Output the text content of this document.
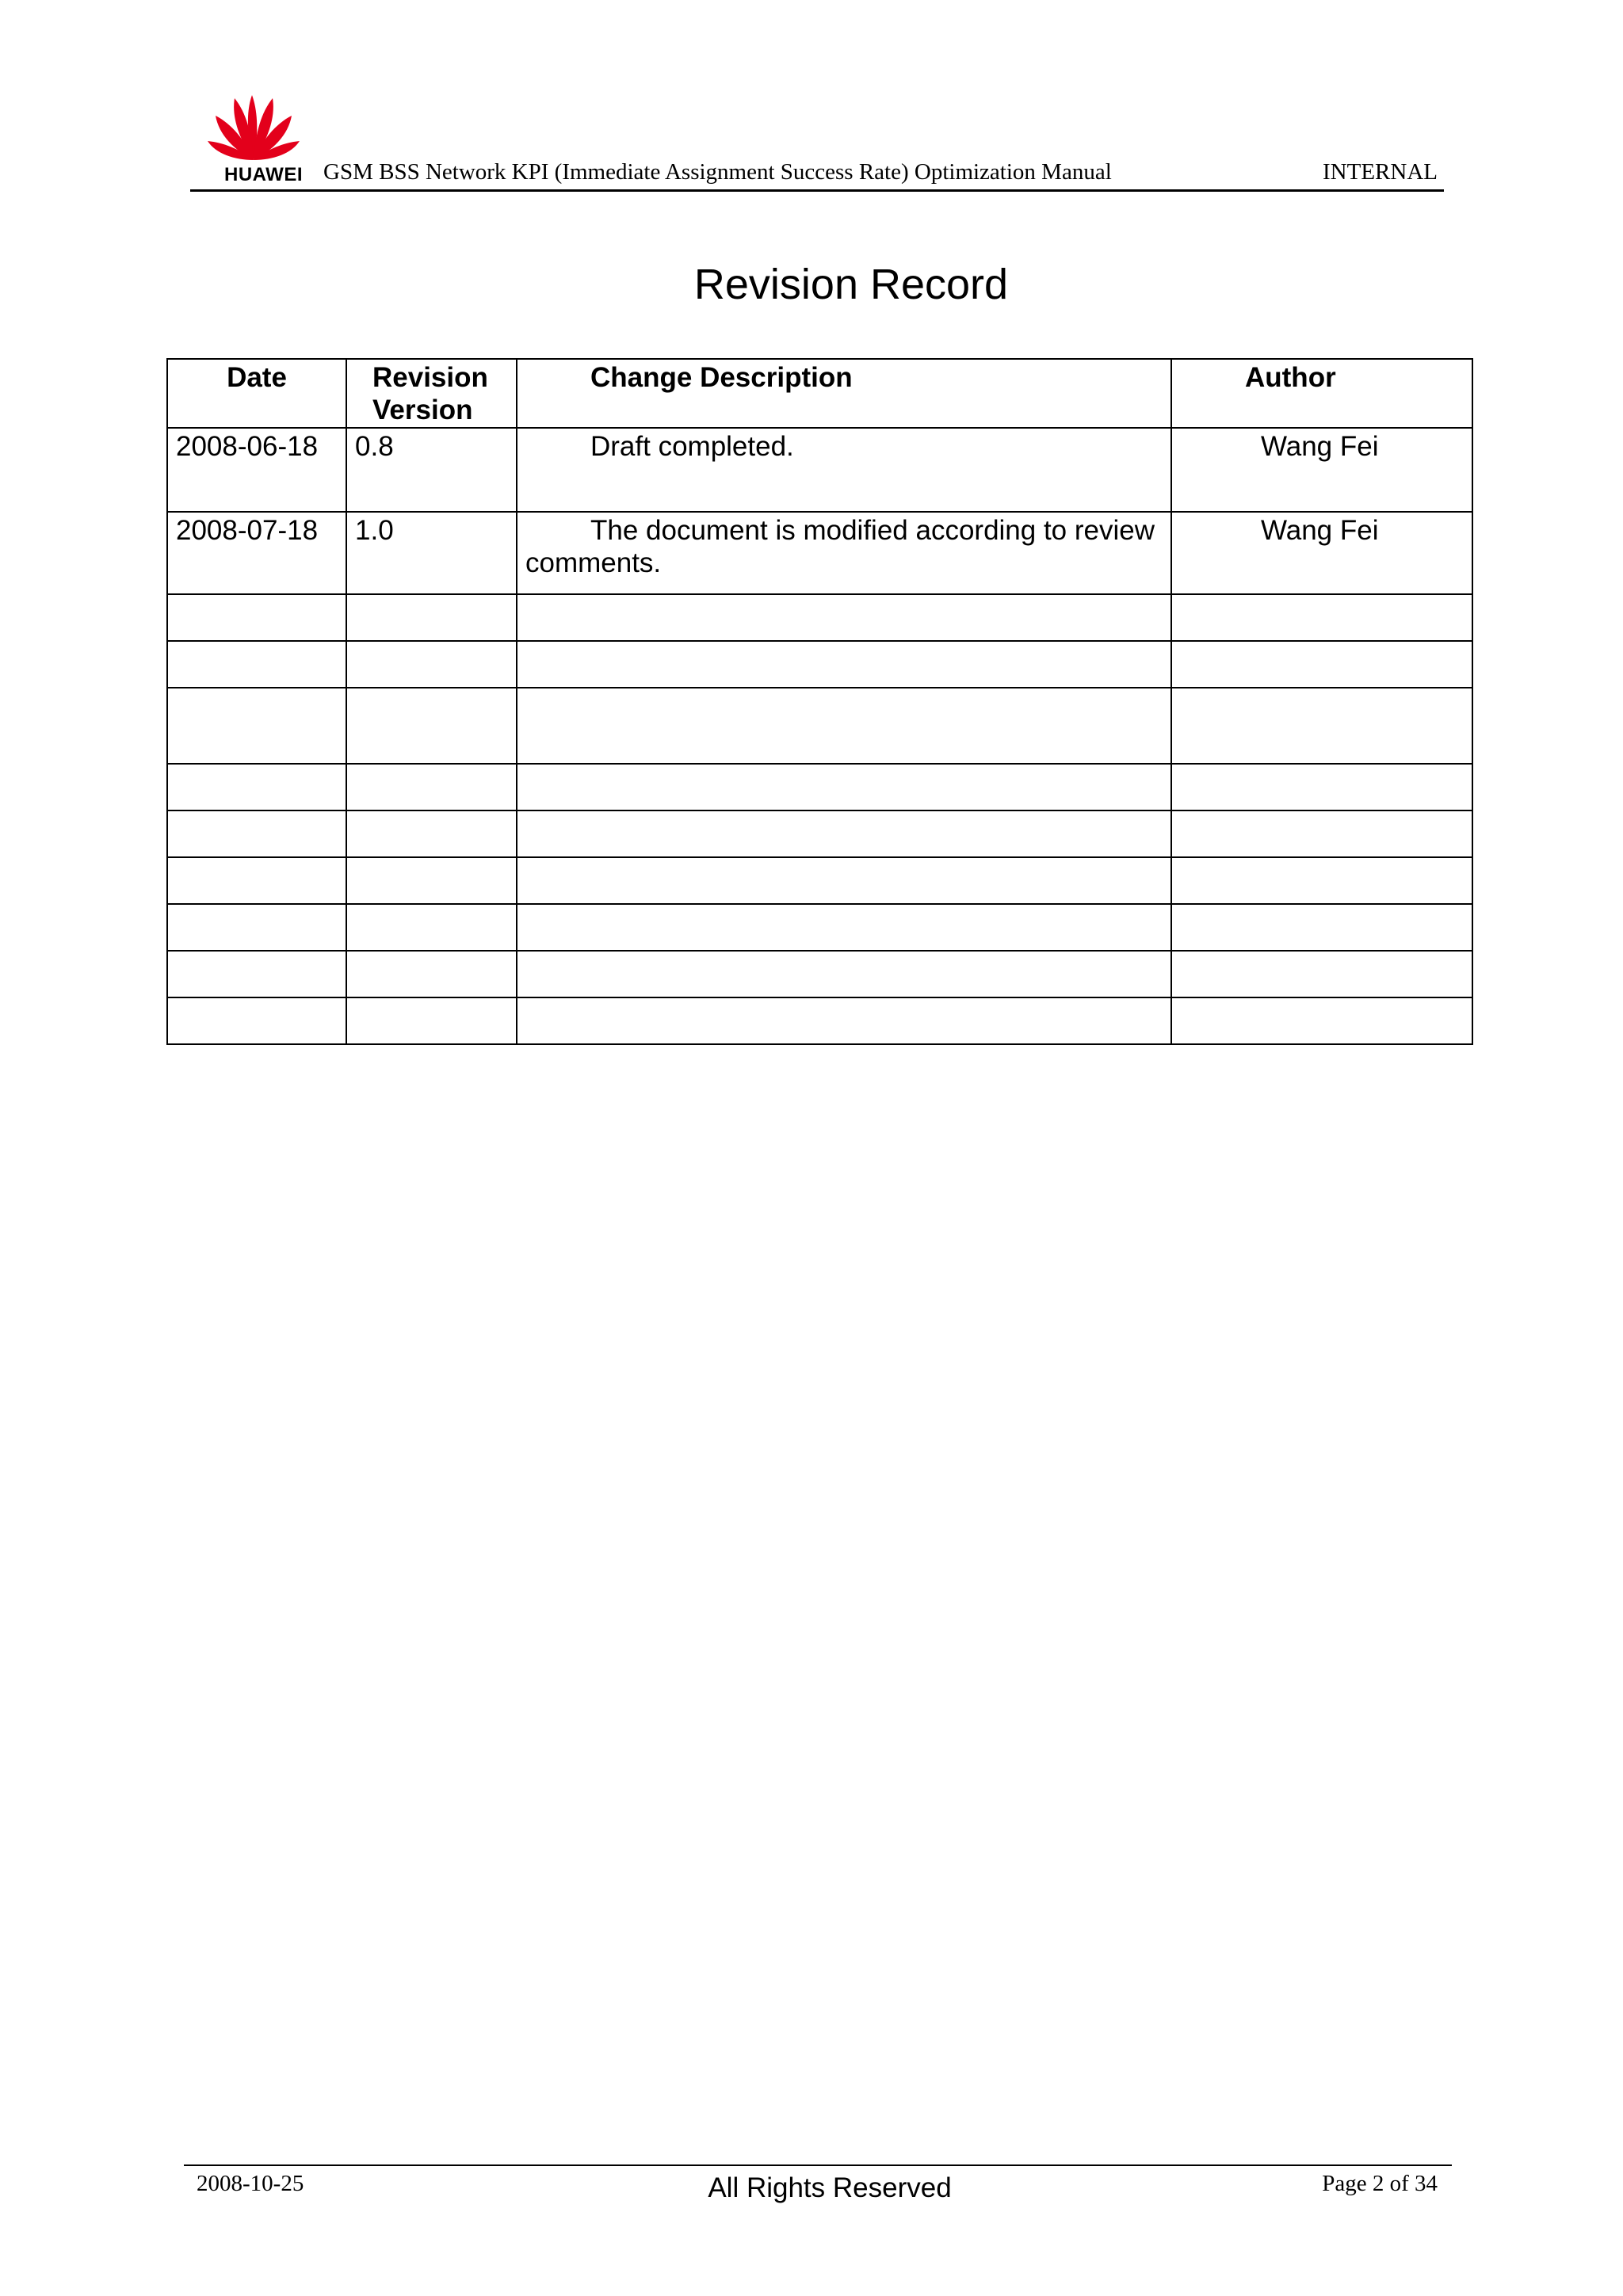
HUAWEI GSM BSS Network KPI (Immediate Assignment Success Rate) Optimization Manual	INTERNAL
Revision Record
Date	Revision Version	Change Description	Author
2008-06-18	0.8	Draft completed.	Wang Fei
2008-07-18	1.0	The document is modified according to review comments.	Wang Fei

2008-10-25	All Rights Reserved	Page 2 of 34
